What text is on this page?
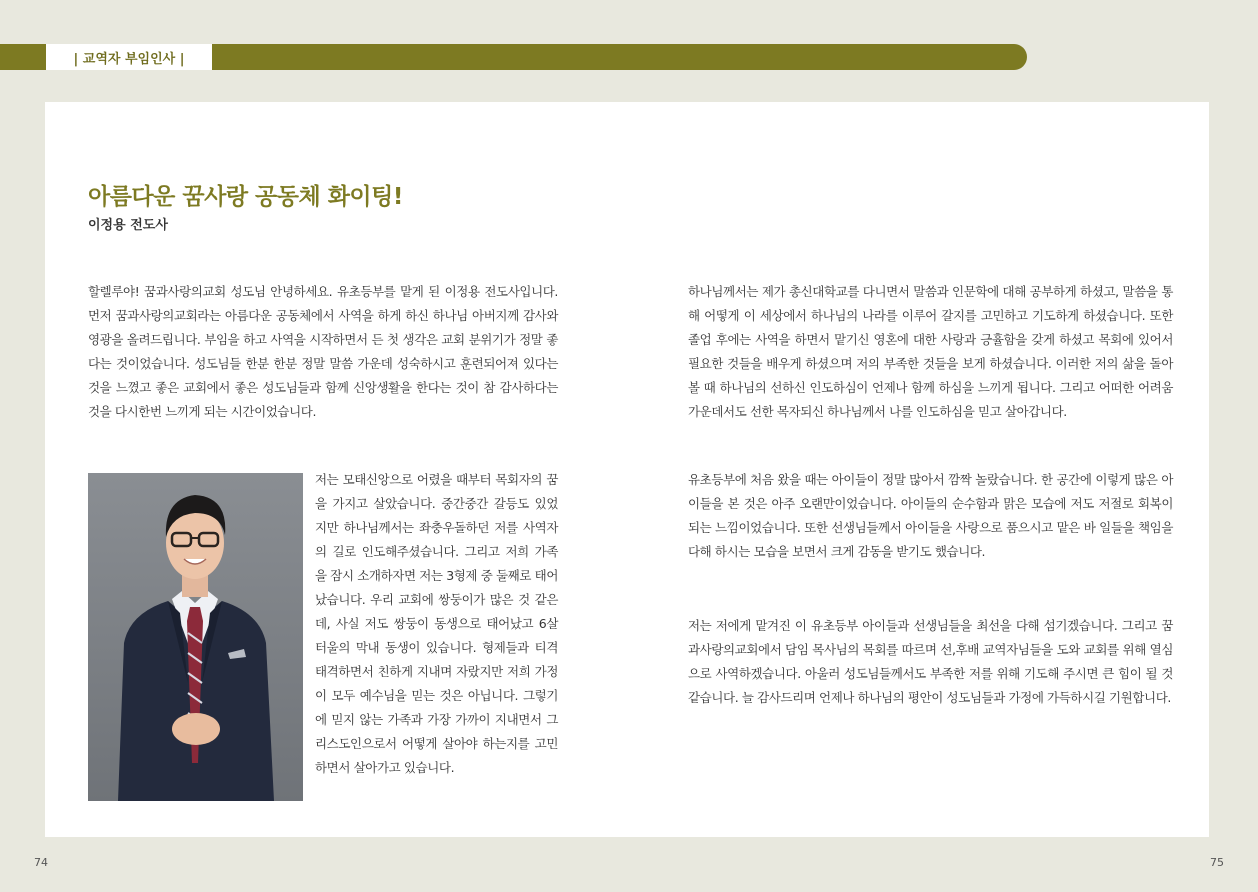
| 교역자 부임인사 |
아름다운 꿈사랑 공동체 화이팅!
이정용 전도사

할렐루야! 꿈과사랑의교회 성도님 안녕하세요. 유초등부를 맡게 된 이정용 전도사입니다. 먼저 꿈과사랑의교회라는 아름다운 공동체에서 사역을 하게 하신 하나님 아버지께 감사와 영광을 올려드립니다. 부임을 하고 사역을 시작하면서 든 첫 생각은 교회 분위기가 정말 좋다는 것이었습니다. 성도님들 한분 한분 정말 말씀 가운데 성숙하시고 훈련되어져 있다는 것을 느꼈고 좋은 교회에서 좋은 성도님들과 함께 신앙생활을 한다는 것이 참 감사하다는 것을 다시한번 느끼게 되는 시간이었습니다.

저는 모태신앙으로 어렸을 때부터 목회자의 꿈을 가지고 살았습니다. 중간중간 갈등도 있었지만 하나님께서는 좌충우돌하던 저를 사역자의 길로 인도해주셨습니다. 그리고 저희 가족을 잠시 소개하자면 저는 3형제 중 둘째로 태어났습니다. 우리 교회에 쌍둥이가 많은 것 같은데, 사실 저도 쌍둥이 동생으로 태어났고 6살 터울의 막내 동생이 있습니다. 형제들과 티격태격하면서 친하게 지내며 자랐지만 저희 가정이 모두 예수님을 믿는 것은 아닙니다. 그렇기에 믿지 않는 가족과 가장 가까이 지내면서 그리스도인으로서 어떻게 살아야 하는지를 고민하면서 살아가고 있습니다.

하나님께서는 제가 총신대학교를 다니면서 말씀과 인문학에 대해 공부하게 하셨고, 말씀을 통해 어떻게 이 세상에서 하나님의 나라를 이루어 갈지를 고민하고 기도하게 하셨습니다. 또한 졸업 후에는 사역을 하면서 맡기신 영혼에 대한 사랑과 긍휼함을 갖게 하셨고 목회에 있어서 필요한 것들을 배우게 하셨으며 저의 부족한 것들을 보게 하셨습니다. 이러한 저의 삶을 돌아 볼 때 하나님의 선하신 인도하심이 언제나 함께 하심을 느끼게 됩니다. 그리고 어떠한 어려움 가운데서도 선한 목자되신 하나님께서 나를 인도하심을 믿고 살아갑니다.

유초등부에 처음 왔을 때는 아이들이 정말 많아서 깜짝 놀랐습니다. 한 공간에 이렇게 많은 아이들을 본 것은 아주 오랜만이었습니다. 아이들의 순수함과 맑은 모습에 저도 저절로 회복이 되는 느낌이었습니다. 또한 선생님들께서 아이들을 사랑으로 품으시고 맡은 바 일들을 책임을 다해 하시는 모습을 보면서 크게 감동을 받기도 했습니다.

저는 저에게 맡겨진 이 유초등부 아이들과 선생님들을 최선을 다해 섬기겠습니다. 그리고 꿈과사랑의교회에서 담임 목사님의 목회를 따르며 선,후배 교역자님들을 도와 교회를 위해 열심으로 사역하겠습니다. 아울러 성도님들께서도 부족한 저를 위해 기도해 주시면 큰 힘이 될 것 같습니다. 늘 감사드리며 언제나 하나님의 평안이 성도님들과 가정에 가득하시길 기원합니다.

74	75
